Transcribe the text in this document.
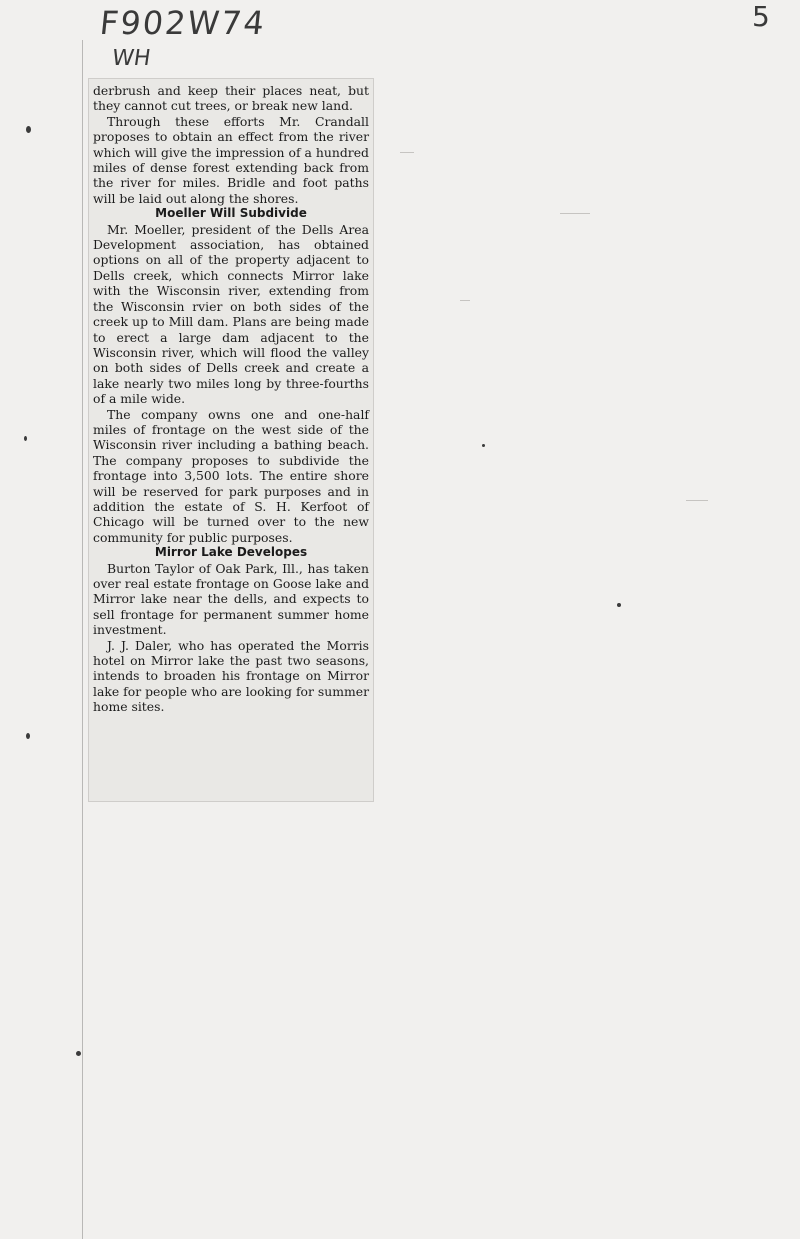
F902W74
WH
5

derbrush and keep their places neat, but they cannot cut trees, or break new land.

Through these efforts Mr. Crandall proposes to obtain an effect from the river which will give the impression of a hundred miles of dense forest extending back from the river for miles. Bridle and foot paths will be laid out along the shores.

Moeller Will Subdivide

Mr. Moeller, president of the Dells Area Development association, has obtained options on all of the property adjacent to Dells creek, which connects Mirror lake with the Wisconsin river, extending from the Wisconsin rvier on both sides of the creek up to Mill dam. Plans are being made to erect a large dam adjacent to the Wisconsin river, which will flood the valley on both sides of Dells creek and create a lake nearly two miles long by three-fourths of a mile wide.

The company owns one and one-half miles of frontage on the west side of the Wisconsin river including a bathing beach. The company proposes to subdivide the frontage into 3,500 lots. The entire shore will be reserved for park purposes and in addition the estate of S. H. Kerfoot of Chicago will be turned over to the new community for public purposes.

Mirror Lake Developes

Burton Taylor of Oak Park, Ill., has taken over real estate frontage on Goose lake and Mirror lake near the dells, and expects to sell frontage for permanent summer home investment.

J. J. Daler, who has operated the Morris hotel on Mirror lake the past two seasons, intends to broaden his frontage on Mirror lake for people who are looking for summer home sites.
